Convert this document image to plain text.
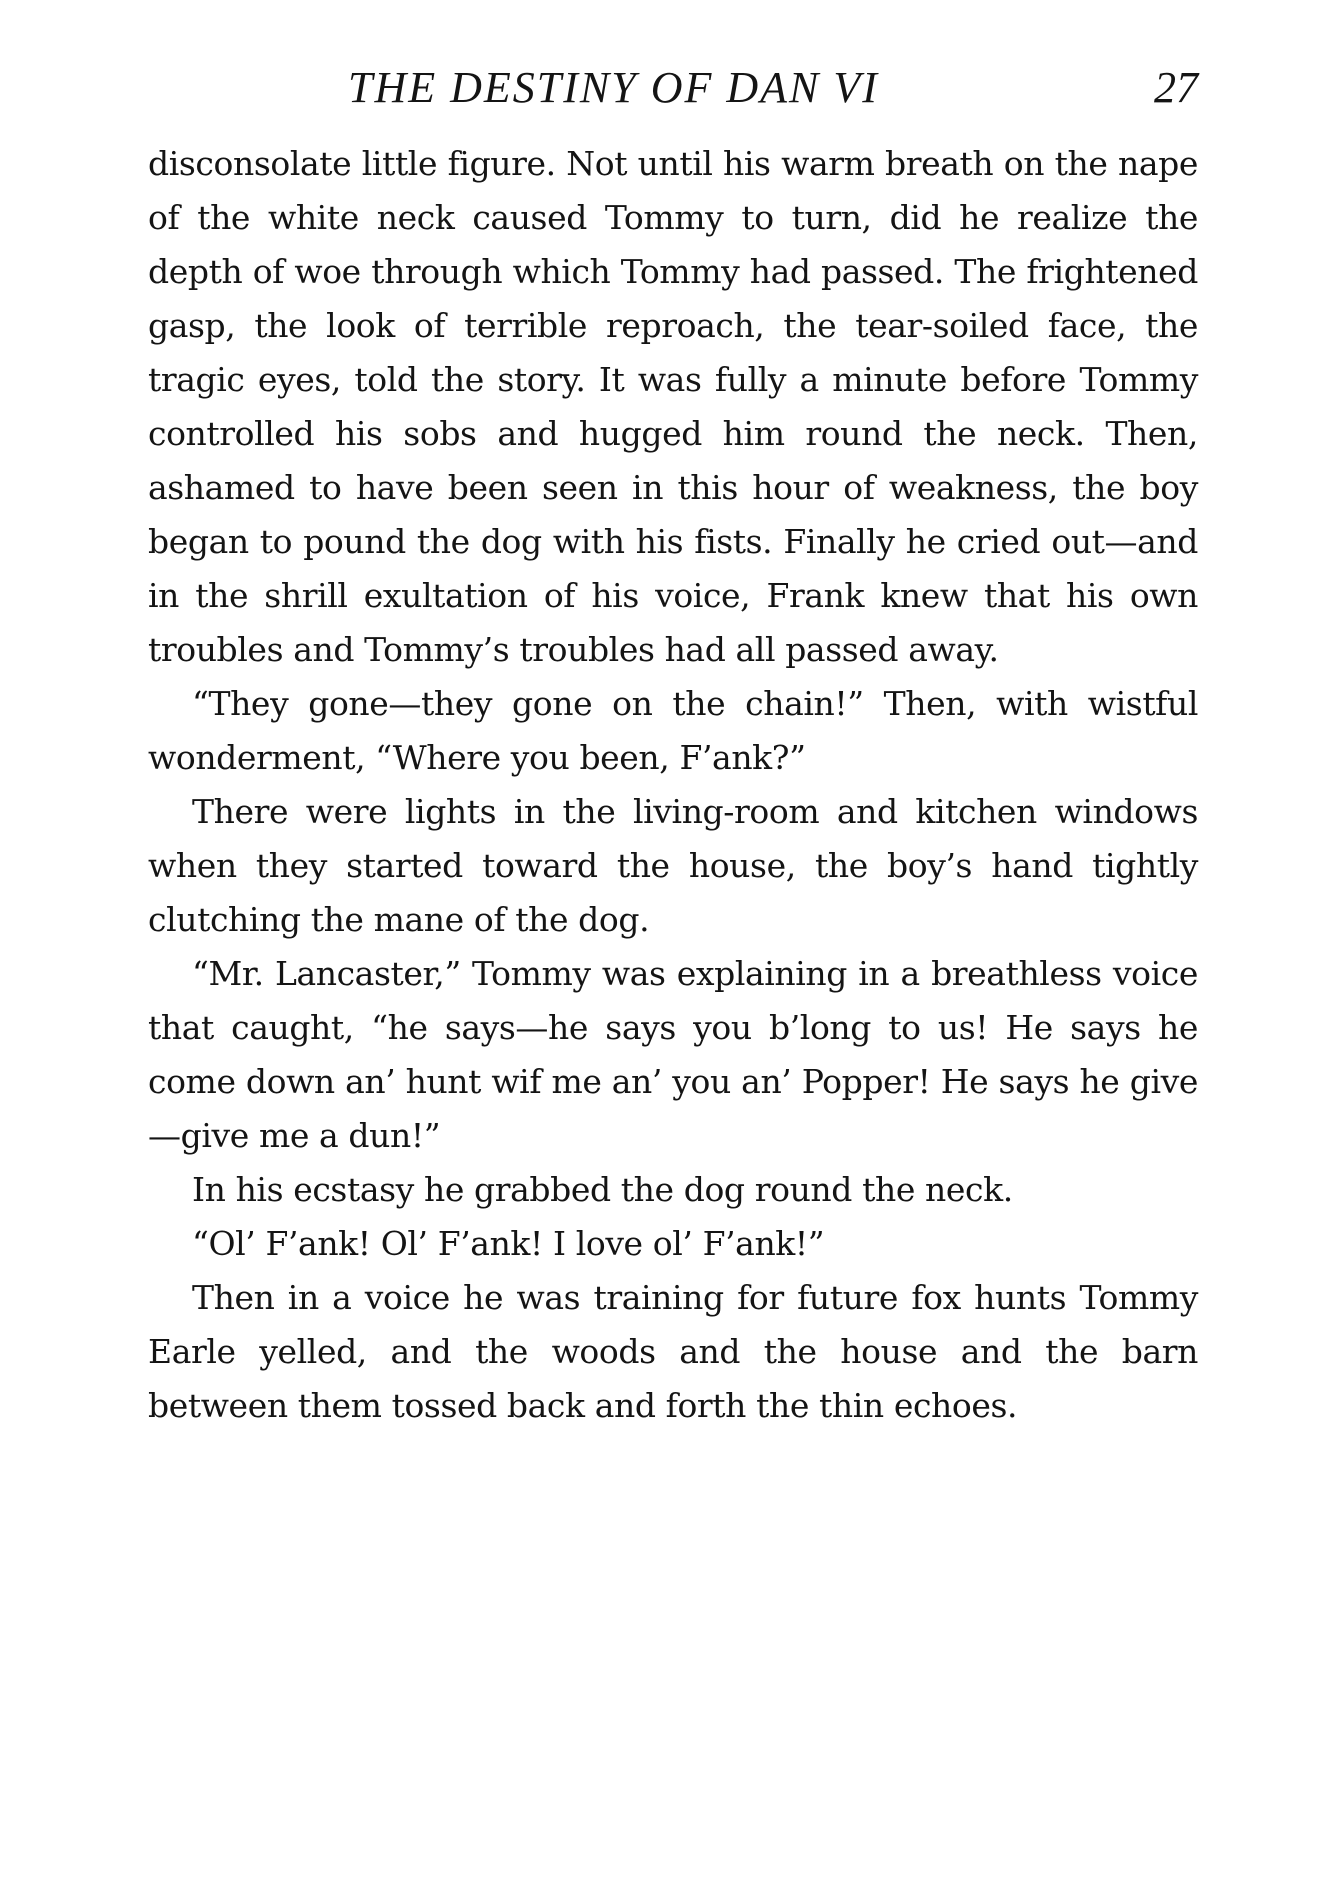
THE DESTINY OF DAN VI	27

disconsolate little figure. Not until his warm breath on the nape of the white neck caused Tommy to turn, did he realize the depth of woe through which Tommy had passed. The frightened gasp, the look of terrible reproach, the tear-soiled face, the tragic eyes, told the story. It was fully a minute before Tommy controlled his sobs and hugged him round the neck. Then, ashamed to have been seen in this hour of weakness, the boy began to pound the dog with his fists. Finally he cried out—and in the shrill exultation of his voice, Frank knew that his own troubles and Tommy’s troubles had all passed away.

“They gone—they gone on the chain!” Then, with wistful wonderment, “Where you been, F’ank?”

There were lights in the living-room and kitchen windows when they started toward the house, the boy’s hand tightly clutching the mane of the dog.

“Mr. Lancaster,” Tommy was explaining in a breathless voice that caught, “he says—he says you b’long to us! He says he come down an’ hunt wif me an’ you an’ Popper! He says he give—give me a dun!”

In his ecstasy he grabbed the dog round the neck.

“Ol’ F’ank! Ol’ F’ank! I love ol’ F’ank!”

Then in a voice he was training for future fox hunts Tommy Earle yelled, and the woods and the house and the barn between them tossed back and forth the thin echoes.
